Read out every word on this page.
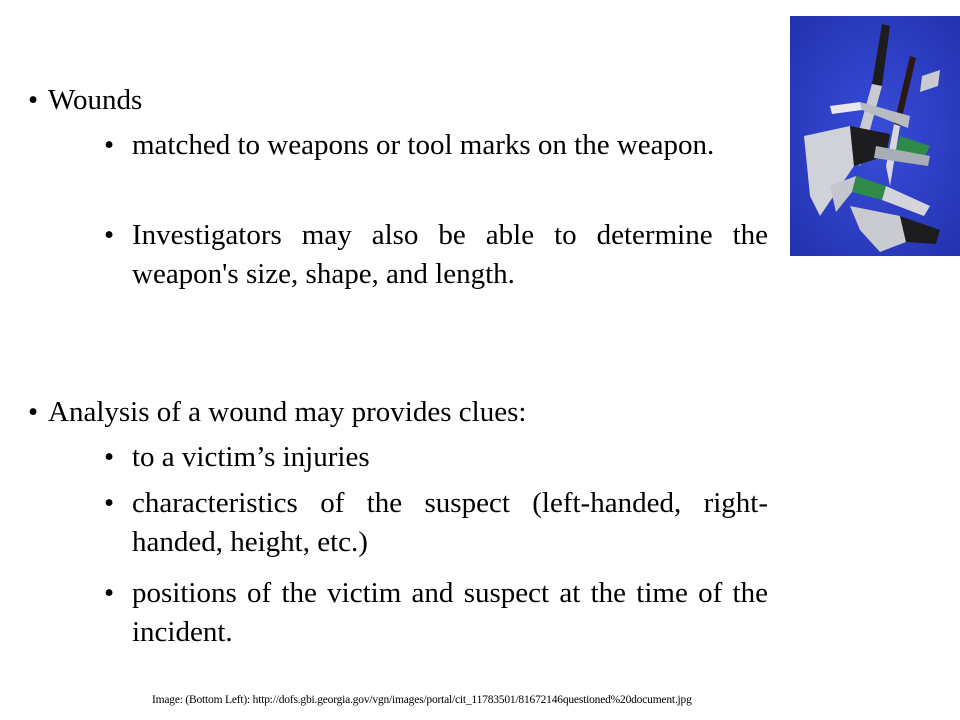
• Wounds
• matched to weapons or tool marks on the weapon.
• Investigators may also be able to determine the weapon's size, shape, and length.
• Analysis of a wound may provides clues:
• to a victim’s injuries
• characteristics of the suspect (left-handed, right-handed, height, etc.)
• positions of the victim and suspect at the time of the incident.
Image: (Bottom Left): http://dofs.gbi.georgia.gov/vgn/images/portal/cit_11783501/81672146questioned%20document.jpg
